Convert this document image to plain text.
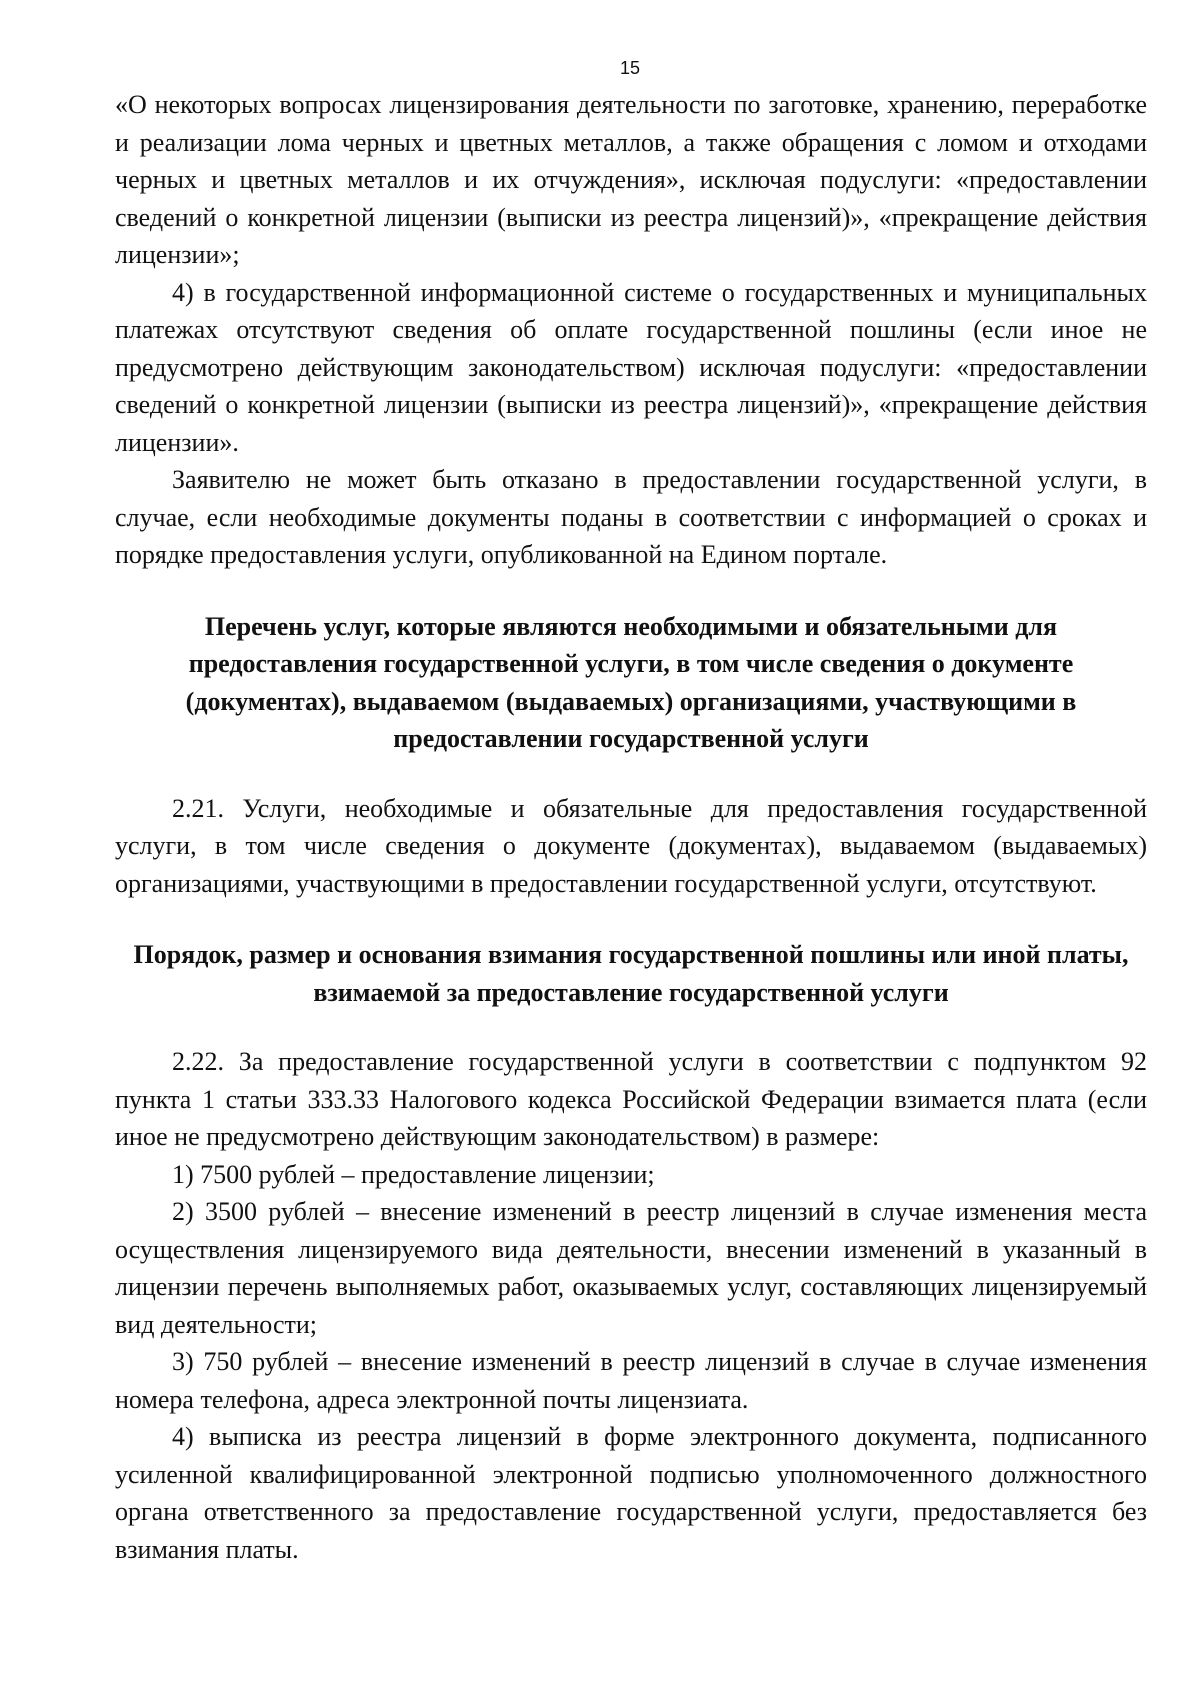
15

«О некоторых вопросах лицензирования деятельности по заготовке, хранению, переработке и реализации лома черных и цветных металлов, а также обращения с ломом и отходами черных и цветных металлов и их отчуждения», исключая подуслуги: «предоставлении сведений о конкретной лицензии (выписки из реестра лицензий)», «прекращение действия лицензии»;

4) в государственной информационной системе о государственных и муниципальных платежах отсутствуют сведения об оплате государственной пошлины (если иное не предусмотрено действующим законодательством) исключая подуслуги: «предоставлении сведений о конкретной лицензии (выписки из реестра лицензий)», «прекращение действия лицензии».

Заявителю не может быть отказано в предоставлении государственной услуги, в случае, если необходимые документы поданы в соответствии с информацией о сроках и порядке предоставления услуги, опубликованной на Едином портале.

Перечень услуг, которые являются необходимыми и обязательными для предоставления государственной услуги, в том числе сведения о документе (документах), выдаваемом (выдаваемых) организациями, участвующими в предоставлении государственной услуги

2.21. Услуги, необходимые и обязательные для предоставления государственной услуги, в том числе сведения о документе (документах), выдаваемом (выдаваемых) организациями, участвующими в предоставлении государственной услуги, отсутствуют.

Порядок, размер и основания взимания государственной пошлины или иной платы, взимаемой за предоставление государственной услуги

2.22. За предоставление государственной услуги в соответствии с подпунктом 92 пункта 1 статьи 333.33 Налогового кодекса Российской Федерации взимается плата (если иное не предусмотрено действующим законодательством) в размере:

1) 7500 рублей – предоставление лицензии;

2) 3500 рублей – внесение изменений в реестр лицензий в случае изменения места осуществления лицензируемого вида деятельности, внесении изменений в указанный в лицензии перечень выполняемых работ, оказываемых услуг, составляющих лицензируемый вид деятельности;

3) 750 рублей – внесение изменений в реестр лицензий в случае в случае изменения номера телефона, адреса электронной почты лицензиата.

4) выписка из реестра лицензий в форме электронного документа, подписанного усиленной квалифицированной электронной подписью уполномоченного должностного органа ответственного за предоставление государственной услуги, предоставляется без взимания платы.
